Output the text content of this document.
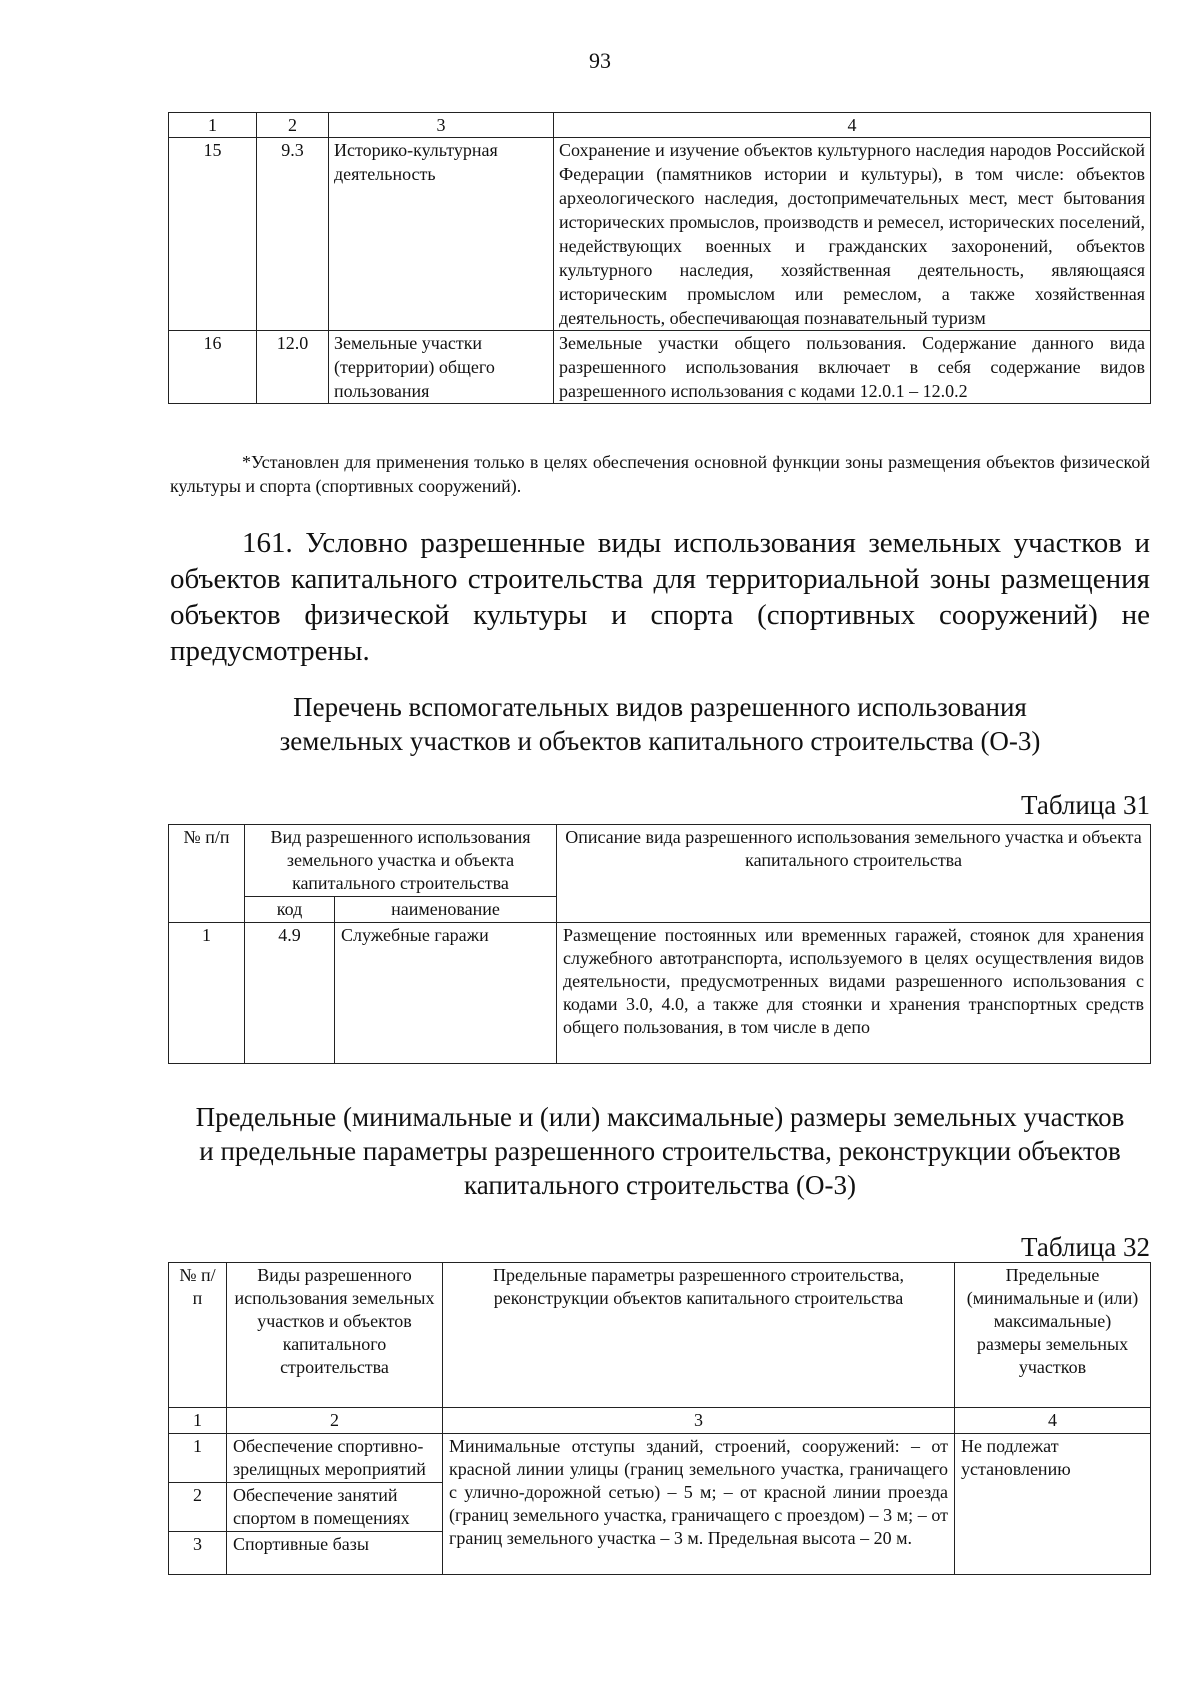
93
1	2	3	4
15	9.3	Историко-культурная деятельность	Сохранение и изучение объектов культурного наследия народов Российской Федерации (памятников истории и культуры), в том числе: объектов археологического наследия, достопримечательных мест, мест бытования исторических промыслов, производств и ремесел, исторических поселений, недействующих военных и гражданских захоронений, объектов культурного наследия, хозяйственная деятельность, являющаяся историческим промыслом или ремеслом, а также хозяйственная деятельность, обеспечивающая познавательный туризм
16	12.0	Земельные участки (территории) общего пользования	Земельные участки общего пользования. Содержание данного вида разрешенного использования включает в себя содержание видов разрешенного использования с кодами 12.0.1 – 12.0.2
*Установлен для применения только в целях обеспечения основной функции зоны размещения объектов физической культуры и спорта (спортивных сооружений).
161. Условно разрешенные виды использования земельных участков и объектов капитального строительства для территориальной зоны размещения объектов физической культуры и спорта (спортивных сооружений) не предусмотрены.
Перечень вспомогательных видов разрешенного использования земельных участков и объектов капитального строительства (О-3)
Таблица 31
№ п/п	Вид разрешенного использования земельного участка и объекта капитального строительства		Описание вида разрешенного использования земельного участка и объекта капитального строительства
	код	наименование	
1	4.9	Служебные гаражи	Размещение постоянных или временных гаражей, стоянок для хранения служебного автотранспорта, используемого в целях осуществления видов деятельности, предусмотренных видами разрешенного использования с кодами 3.0, 4.0, а также для стоянки и хранения транспортных средств общего пользования, в том числе в депо
Предельные (минимальные и (или) максимальные) размеры земельных участков и предельные параметры разрешенного строительства, реконструкции объектов капитального строительства (О-3)
Таблица 32
№ п/п	Виды разрешенного использования земельных участков и объектов капитального строительства	Предельные параметры разрешенного строительства, реконструкции объектов капитального строительства	Предельные (минимальные и (или) максимальные) размеры земельных участков
1	2	3	4
1	Обеспечение спортивно-зрелищных мероприятий	Минимальные отступы зданий, строений, сооружений: – от красной линии улицы (границ земельного участка, граничащего с улично-дорожной сетью) – 5 м; – от красной линии проезда (границ земельного участка, граничащего с проездом) – 3 м; – от границ земельного участка – 3 м. Предельная высота – 20 м.	Не подлежат установлению
2	Обеспечение занятий спортом в помещениях		
3	Спортивные базы		
